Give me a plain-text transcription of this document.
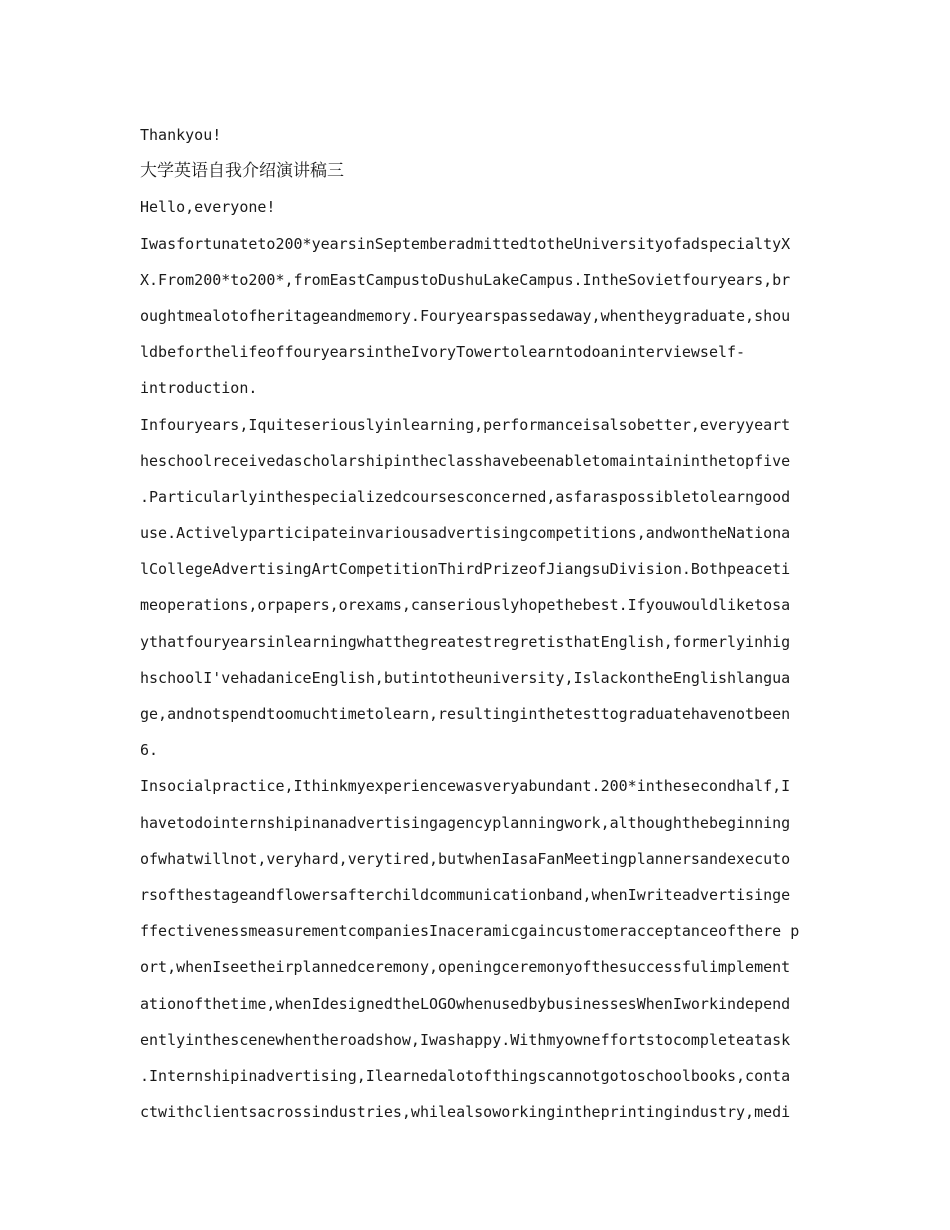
Thankyou!
大学英语自我介绍演讲稿三
Hello,everyone!
Iwasfortunateto200*yearsinSeptemberadmittedtotheUniversityofadspecialtyX
X.From200*to200*,fromEastCampustoDushuLakeCampus.IntheSovietfouryears,br
oughtmealotofheritageandmemory.Fouryearspassedaway,whentheygraduate,shou
ldbeforthelifeoffouryearsintheIvoryTowertolearntodoaninterviewself-
introduction.
Infouryears,Iquiteseriouslyinlearning,performanceisalsobetter,everyyeart
heschoolreceivedascholarshipintheclasshavebeenabletomaintaininthetopfive
.Particularlyinthespecializedcoursesconcerned,asfaraspossibletolearngood
use.Activelyparticipateinvariousadvertisingcompetitions,andwontheNationa
lCollegeAdvertisingArtCompetitionThirdPrizeofJiangsuDivision.Bothpeaceti
meoperations,orpapers,orexams,canseriouslyhopethebest.Ifyouwouldliketosa
ythatfouryearsinlearningwhatthegreatestregretisthatEnglish,formerlyinhig
hschoolI'vehadaniceEnglish,butintotheuniversity,IslackontheEnglishlangua
ge,andnotspendtoomuchtimetolearn,resultinginthetesttograduatehavenotbeen
6.
Insocialpractice,Ithinkmyexperiencewasveryabundant.200*inthesecondhalf,I
havetodointernshipinanadvertisingagencyplanningwork,althoughthebeginning
ofwhatwillnot,veryhard,verytired,butwhenIasaFanMeetingplannersandexecuto
rsofthestageandflowersafterchildcommunicationband,whenIwriteadvertisinge
ffectivenessmeasurementcompaniesInaceramicgaincustomeracceptanceofthere p
ort,whenIseetheirplannedceremony,openingceremonyofthesuccessfulimplement
ationofthetime,whenIdesignedtheLOGOwhenusedbybusinessesWhenIworkindepend
entlyinthescenewhentheroadshow,Iwashappy.Withmyowneffortstocompleteatask
.Internshipinadvertising,Ilearnedalotofthingscannotgotoschoolbooks,conta
ctwithclientsacrossindustries,whilealsoworkingintheprintingindustry,medi
